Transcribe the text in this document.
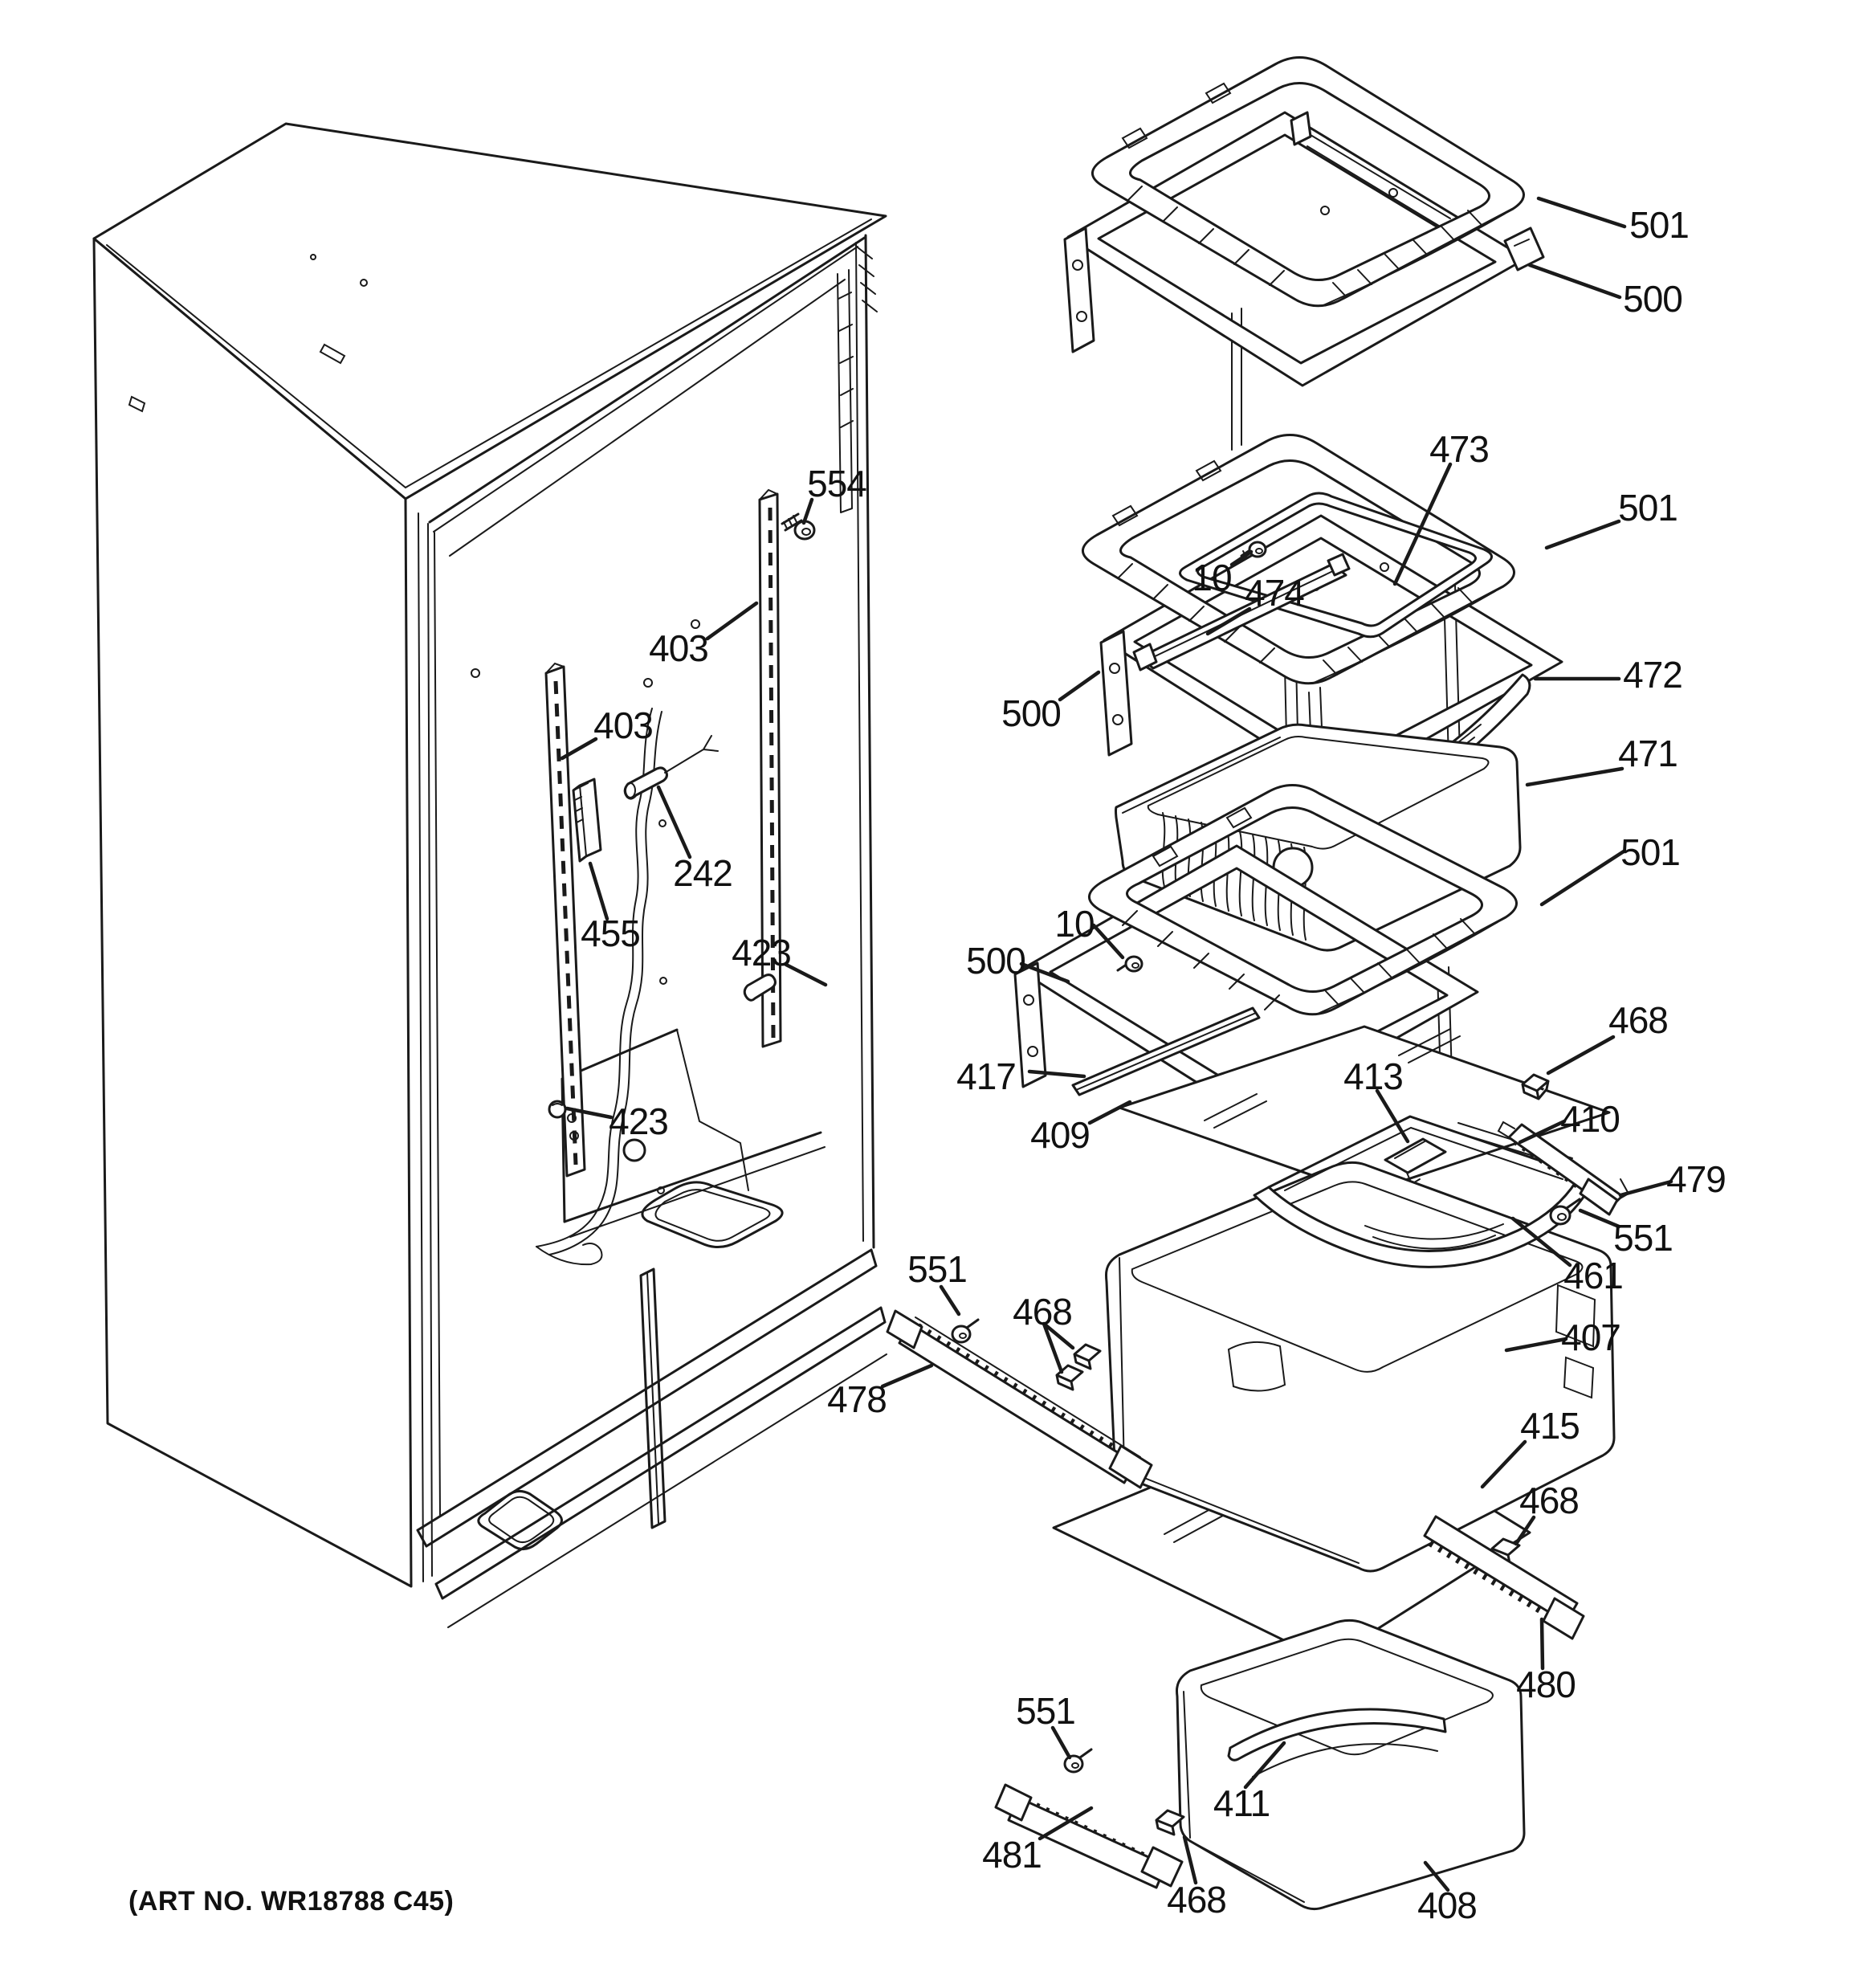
501
500
473
501
10 474
500
472
471
501
10
500
417
409
413
468
410
479
551
461
407
551
468
478
415
468
480
551
481
411
468	408
554
403
403
242
455 423
423
(ART NO. WR18788 C45)
